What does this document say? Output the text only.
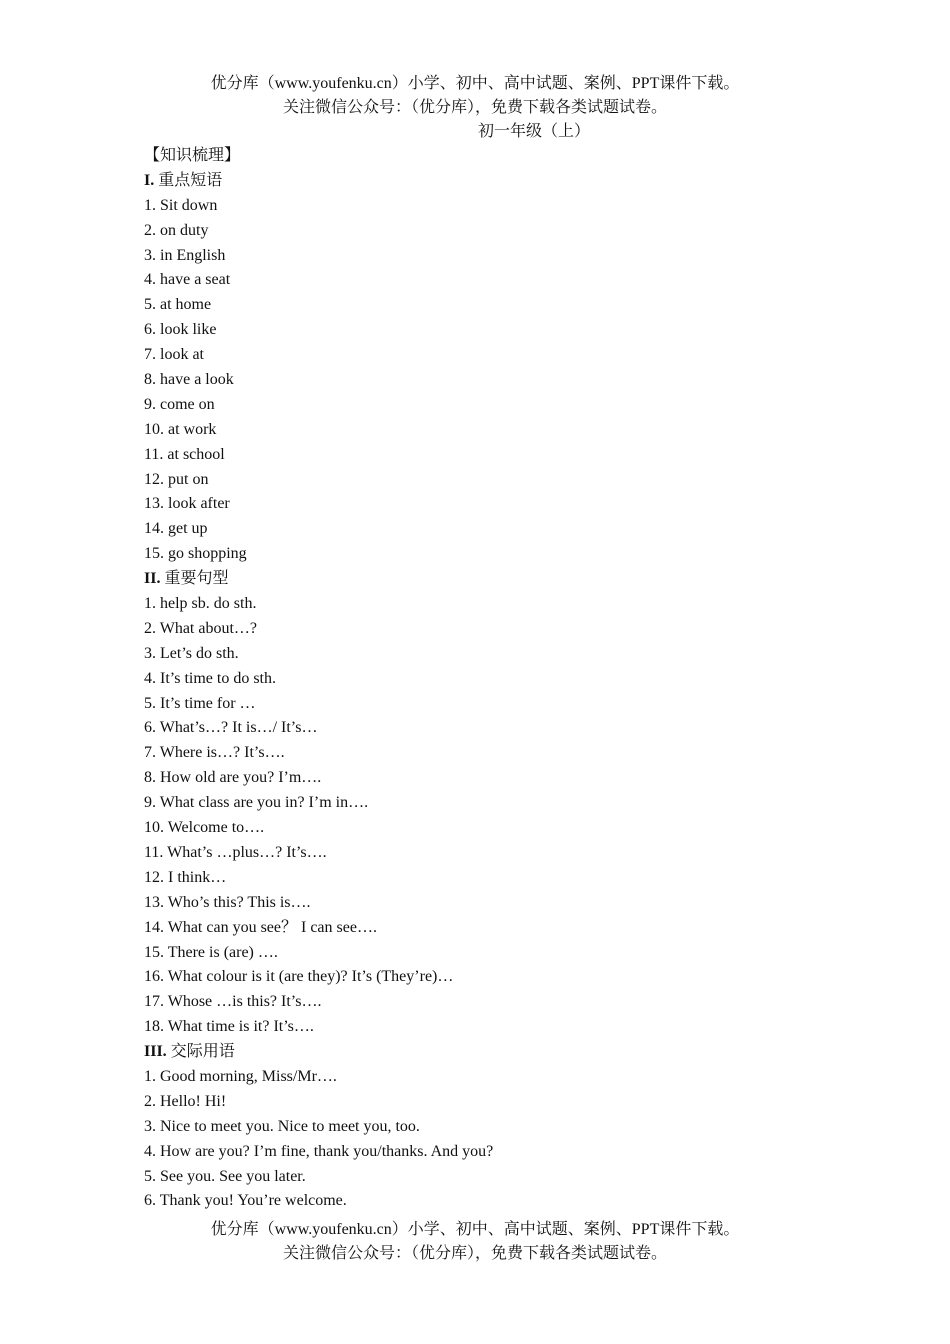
优分库（www.youfenku.cn）小学、初中、高中试题、案例、PPT课件下载。
关注微信公众号：（优分库），免费下载各类试题试卷。
初一年级（上）
【知识梳理】
I. 重点短语
1. Sit down
2. on duty
3. in English
4. have a seat
5. at home
6. look like
7. look at
8. have a look
9. come on
10. at work
11. at school
12. put on
13. look after
14. get up
15. go shopping
II. 重要句型
1. help sb. do sth.
2. What about…?
3. Let’s do sth.
4. It’s time to do sth.
5. It’s time for …
6. What’s…? It is…/ It’s…
7. Where is…? It’s….
8. How old are you? I’m….
9. What class are you in? I’m in….
10. Welcome to….
11. What’s …plus…? It’s….
12. I think…
13. Who’s this? This is….
14. What can you see？ I can see….
15. There is (are) ….
16. What colour is it (are they)? It’s (They’re)…
17. Whose …is this? It’s….
18. What time is it? It’s….
III. 交际用语
1. Good morning, Miss/Mr….
2. Hello! Hi!
3. Nice to meet you. Nice to meet you, too.
4. How are you? I’m fine, thank you/thanks. And you?
5. See you. See you later.
6. Thank you! You’re welcome.
优分库（www.youfenku.cn）小学、初中、高中试题、案例、PPT课件下载。
关注微信公众号：（优分库），免费下载各类试题试卷。
